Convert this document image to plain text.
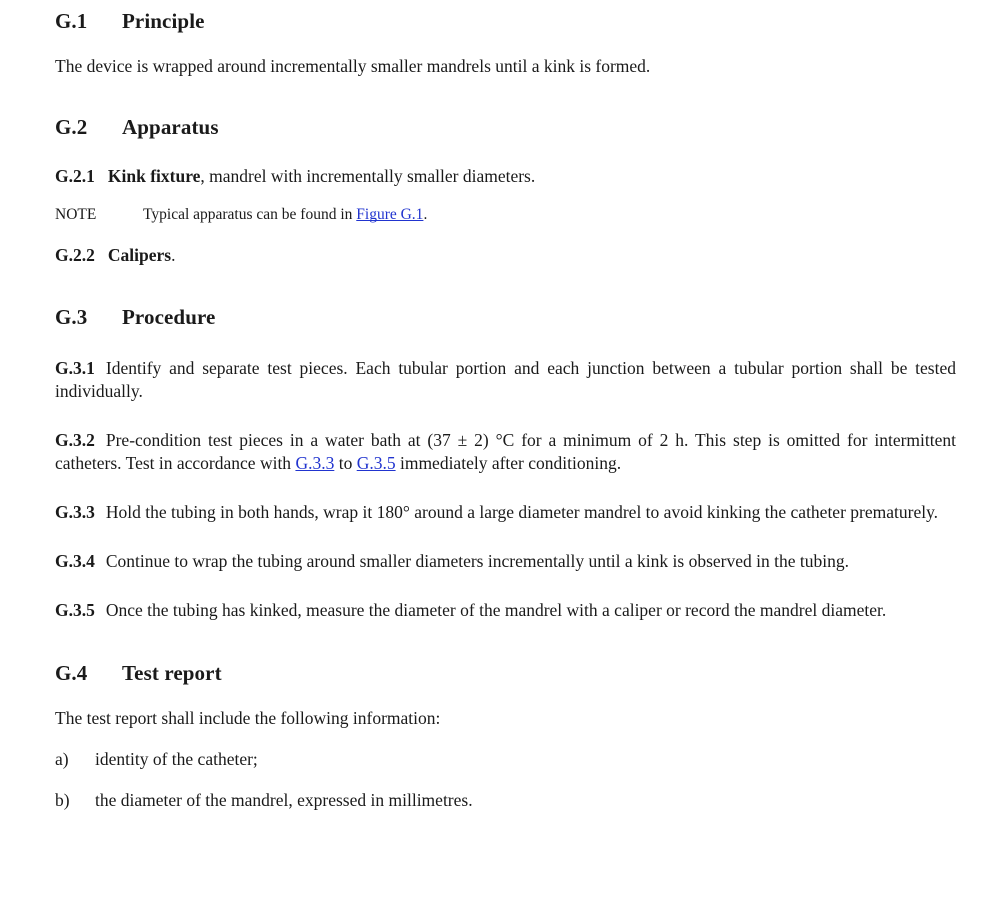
G.1	Principle
The device is wrapped around incrementally smaller mandrels until a kink is formed.
G.2	Apparatus
G.2.1 Kink fixture, mandrel with incrementally smaller diameters.
NOTE	Typical apparatus can be found in Figure G.1.
G.2.2 Calipers.
G.3	Procedure
G.3.1 Identify and separate test pieces. Each tubular portion and each junction between a tubular portion shall be tested individually.
G.3.2 Pre-condition test pieces in a water bath at (37 ± 2) °C for a minimum of 2 h. This step is omitted for intermittent catheters. Test in accordance with G.3.3 to G.3.5 immediately after conditioning.
G.3.3 Hold the tubing in both hands, wrap it 180° around a large diameter mandrel to avoid kinking the catheter prematurely.
G.3.4 Continue to wrap the tubing around smaller diameters incrementally until a kink is observed in the tubing.
G.3.5 Once the tubing has kinked, measure the diameter of the mandrel with a caliper or record the mandrel diameter.
G.4	Test report
The test report shall include the following information:
a)	identity of the catheter;
b)	the diameter of the mandrel, expressed in millimetres.
